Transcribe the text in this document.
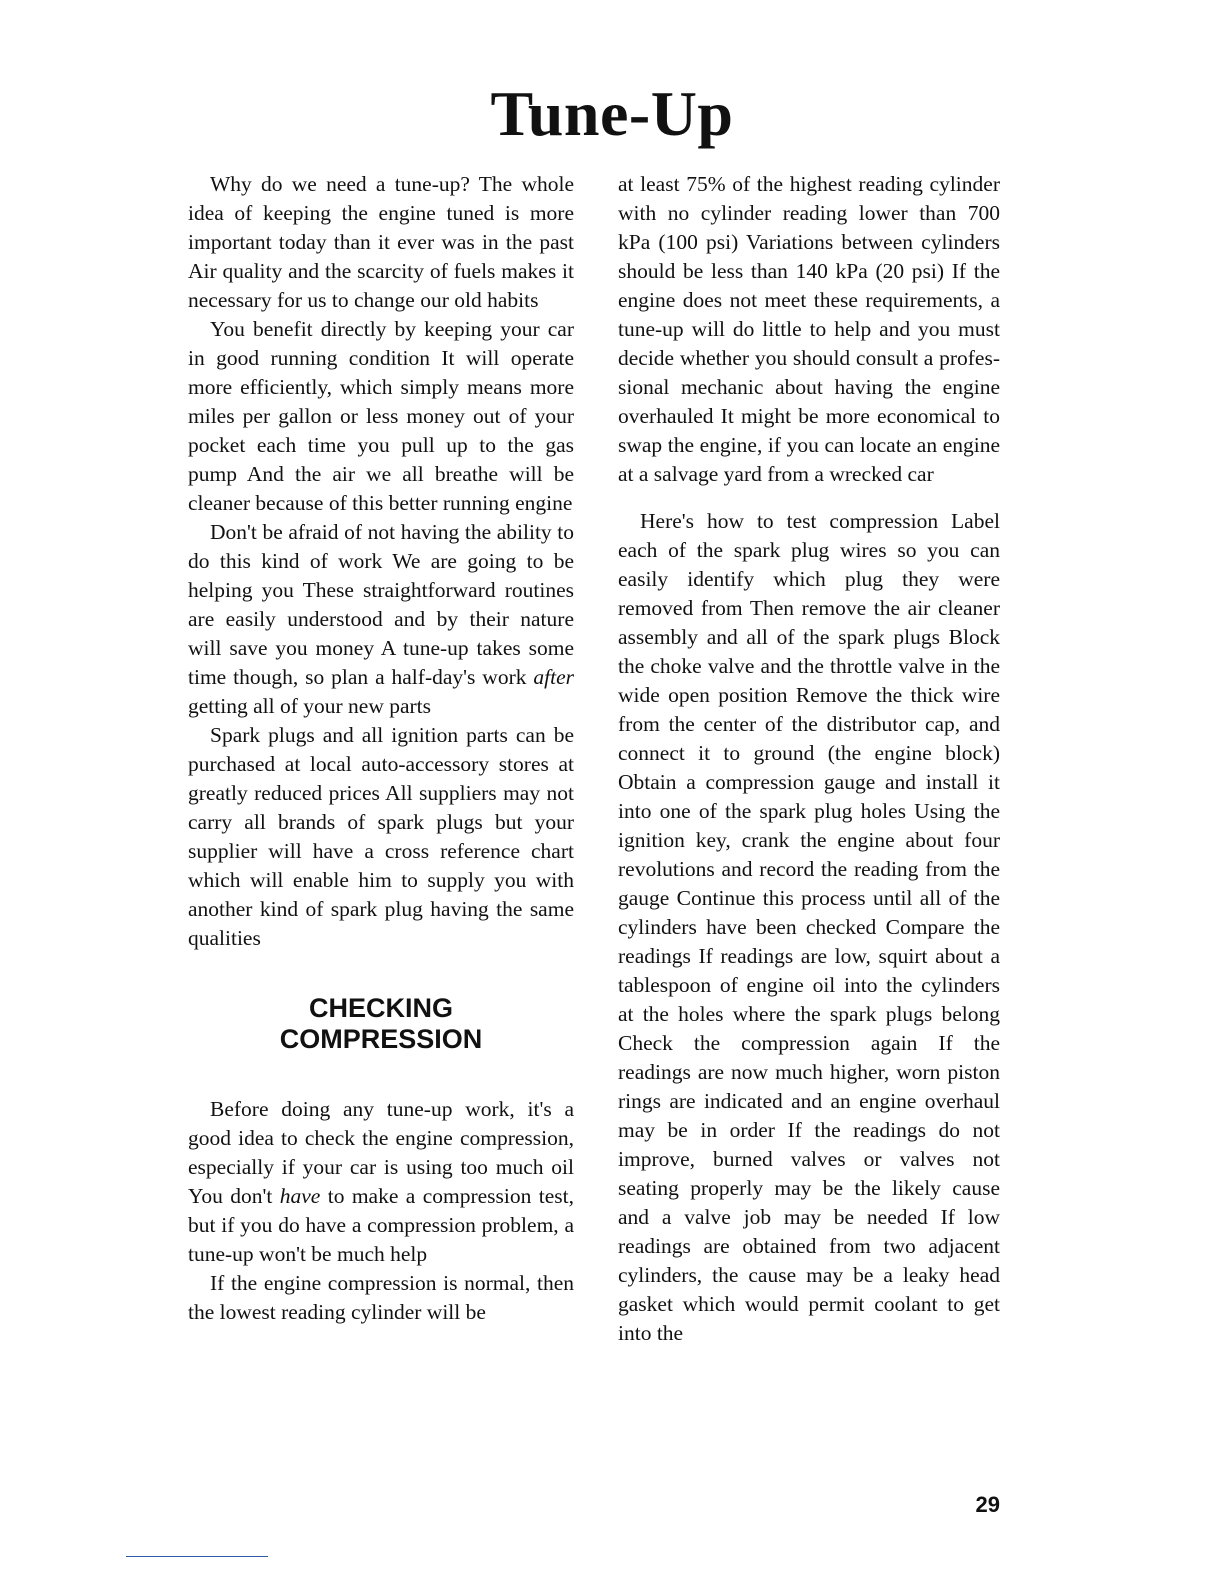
Tune-Up

Why do we need a tune-up? The whole idea of keeping the engine tuned is more important today than it ever was in the past Air quality and the scarcity of fuels makes it necessary for us to change our old habits

You benefit directly by keeping your car in good running condition It will operate more efficiently, which simply means more miles per gallon or less money out of your pocket each time you pull up to the gas pump And the air we all breathe will be cleaner because of this better running engine

Don't be afraid of not having the ability to do this kind of work We are going to be helping you These straightforward routines are easily understood and by their nature will save you money A tune-up takes some time though, so plan a half-day's work after getting all of your new parts

Spark plugs and all ignition parts can be purchased at local auto-accessory stores at greatly reduced prices All suppliers may not carry all brands of spark plugs but your supplier will have a cross reference chart which will enable him to supply you with another kind of spark plug having the same qualities

CHECKING
COMPRESSION

Before doing any tune-up work, it's a good idea to check the engine compression, especially if your car is using too much oil You don't have to make a compression test, but if you do have a compression problem, a tune-up won't be much help

If the engine compression is normal, then the lowest reading cylinder will be

at least 75% of the highest reading cylinder with no cylinder reading lower than 700 kPa (100 psi) Variations between cylinders should be less than 140 kPa (20 psi) If the engine does not meet these requirements, a tune-up will do little to help and you must decide whether you should consult a professional mechanic about having the engine overhauled It might be more economical to swap the engine, if you can locate an engine at a salvage yard from a wrecked car

Here's how to test compression Label each of the spark plug wires so you can easily identify which plug they were removed from Then remove the air cleaner assembly and all of the spark plugs Block the choke valve and the throttle valve in the wide open position Remove the thick wire from the center of the distributor cap, and connect it to ground (the engine block) Obtain a compression gauge and install it into one of the spark plug holes Using the ignition key, crank the engine about four revolutions and record the reading from the gauge Continue this process until all of the cylinders have been checked Compare the readings If readings are low, squirt about a tablespoon of engine oil into the cylinders at the holes where the spark plugs belong Check the compression again If the readings are now much higher, worn piston rings are indicated and an engine overhaul may be in order If the readings do not improve, burned valves or valves not seating properly may be the likely cause and a valve job may be needed If low readings are obtained from two adjacent cylinders, the cause may be a leaky head gasket which would permit coolant to get into the

29
